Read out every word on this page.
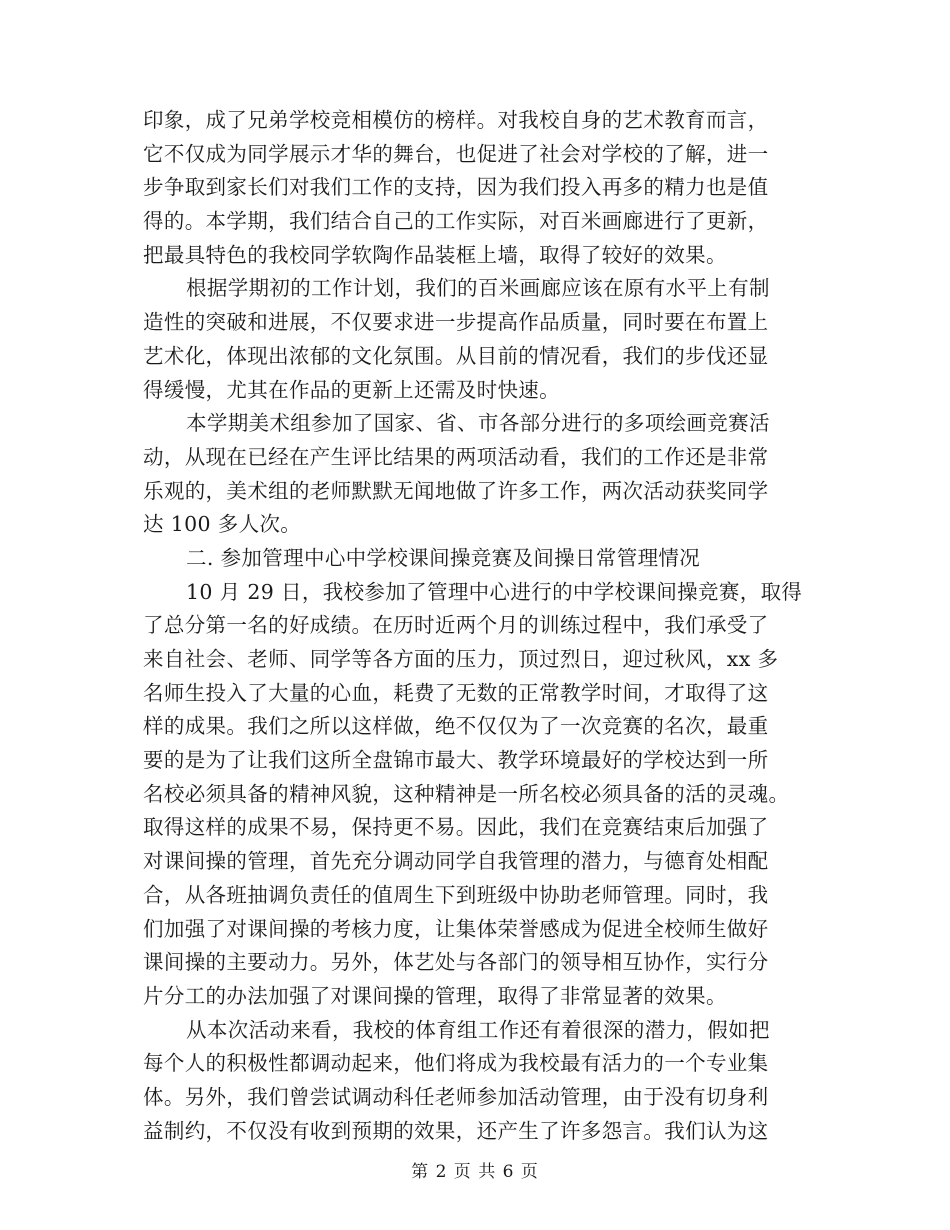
印象，成了兄弟学校竞相模仿的榜样。对我校自身的艺术教育而言，
它不仅成为同学展示才华的舞台，也促进了社会对学校的了解，进一
步争取到家长们对我们工作的支持，因为我们投入再多的精力也是值
得的。本学期，我们结合自己的工作实际，对百米画廊进行了更新，
把最具特色的我校同学软陶作品装框上墙，取得了较好的效果。
根据学期初的工作计划，我们的百米画廊应该在原有水平上有制
造性的突破和进展，不仅要求进一步提高作品质量，同时要在布置上
艺术化，体现出浓郁的文化氛围。从目前的情况看，我们的步伐还显
得缓慢，尤其在作品的更新上还需及时快速。
本学期美术组参加了国家、省、市各部分进行的多项绘画竞赛活
动，从现在已经在产生评比结果的两项活动看，我们的工作还是非常
乐观的，美术组的老师默默无闻地做了许多工作，两次活动获奖同学
达 100 多人次。
二. 参加管理中心中学校课间操竞赛及间操日常管理情况
10 月 29 日，我校参加了管理中心进行的中学校课间操竞赛，取得
了总分第一名的好成绩。在历时近两个月的训练过程中，我们承受了
来自社会、老师、同学等各方面的压力，顶过烈日，迎过秋风，xx 多
名师生投入了大量的心血，耗费了无数的正常教学时间，才取得了这
样的成果。我们之所以这样做，绝不仅仅为了一次竞赛的名次，最重
要的是为了让我们这所全盘锦市最大、教学环境最好的学校达到一所
名校必须具备的精神风貌，这种精神是一所名校必须具备的活的灵魂。
取得这样的成果不易，保持更不易。因此，我们在竞赛结束后加强了
对课间操的管理，首先充分调动同学自我管理的潜力，与德育处相配
合，从各班抽调负责任的值周生下到班级中协助老师管理。同时，我
们加强了对课间操的考核力度，让集体荣誉感成为促进全校师生做好
课间操的主要动力。另外，体艺处与各部门的领导相互协作，实行分
片分工的办法加强了对课间操的管理，取得了非常显著的效果。
从本次活动来看，我校的体育组工作还有着很深的潜力，假如把
每个人的积极性都调动起来，他们将成为我校最有活力的一个专业集
体。另外，我们曾尝试调动科任老师参加活动管理，由于没有切身利
益制约，不仅没有收到预期的效果，还产生了许多怨言。我们认为这
第 2 页 共 6 页
